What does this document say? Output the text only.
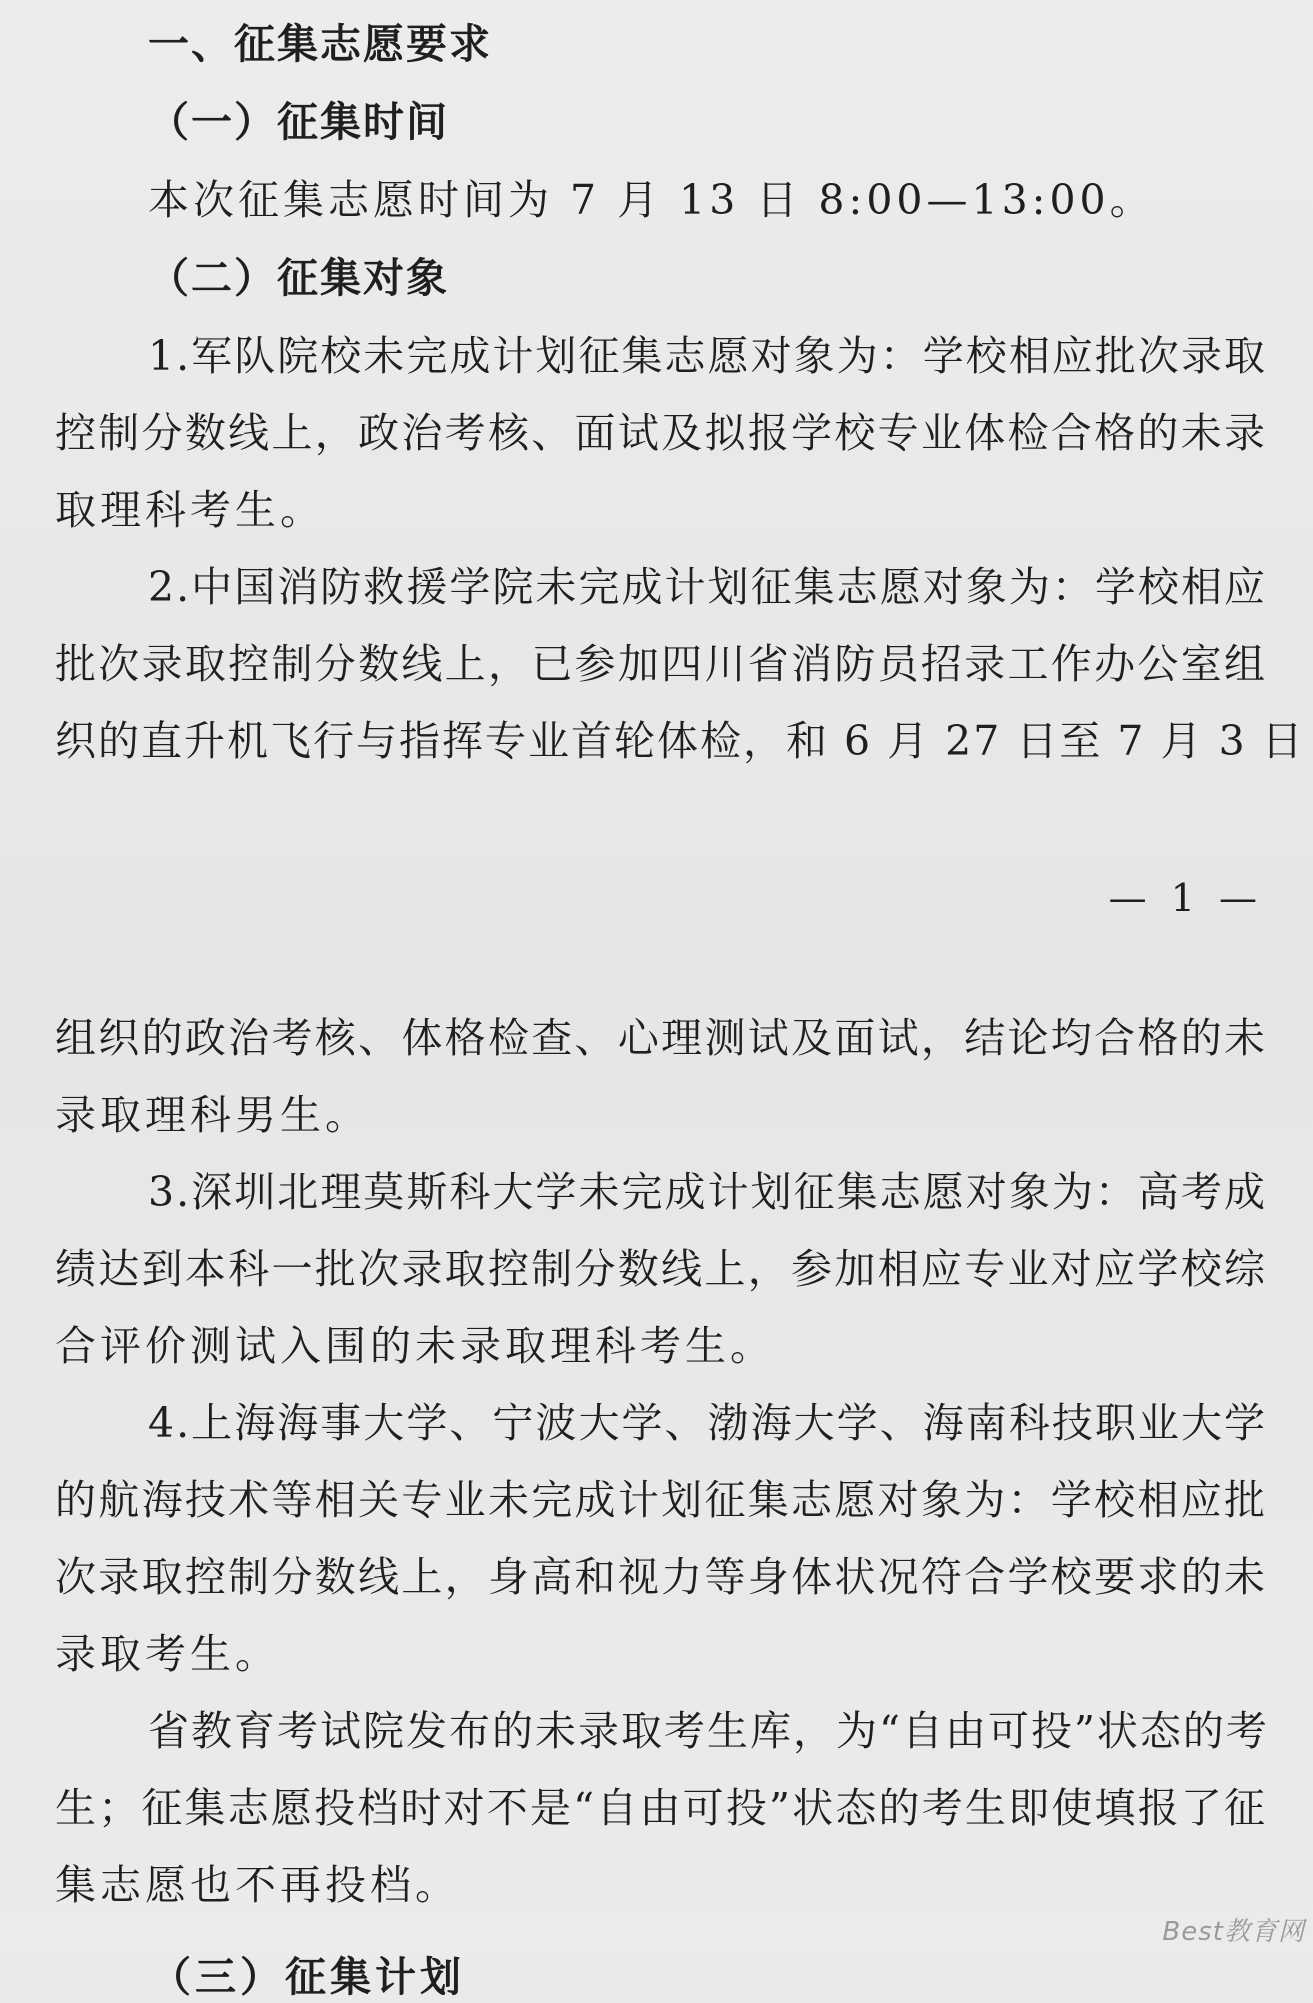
一、征集志愿要求
（一）征集时间
本次征集志愿时间为 7 月 13 日 8:00—13:00。
（二）征集对象
1.军队院校未完成计划征集志愿对象为：学校相应批次录取
控制分数线上，政治考核、面试及拟报学校专业体检合格的未录
取理科考生。
2.中国消防救援学院未完成计划征集志愿对象为：学校相应
批次录取控制分数线上，已参加四川省消防员招录工作办公室组
织的直升机飞行与指挥专业首轮体检，和 6 月 27 日至 7 月 3 日
— 1 —
组织的政治考核、体格检查、心理测试及面试，结论均合格的未
录取理科男生。
3.深圳北理莫斯科大学未完成计划征集志愿对象为：高考成
绩达到本科一批次录取控制分数线上，参加相应专业对应学校综
合评价测试入围的未录取理科考生。
4.上海海事大学、宁波大学、渤海大学、海南科技职业大学
的航海技术等相关专业未完成计划征集志愿对象为：学校相应批
次录取控制分数线上，身高和视力等身体状况符合学校要求的未
录取考生。
省教育考试院发布的未录取考生库，为“自由可投”状态的考
生；征集志愿投档时对不是“自由可投”状态的考生即使填报了征
集志愿也不再投档。
（三）征集计划
Best教育网
